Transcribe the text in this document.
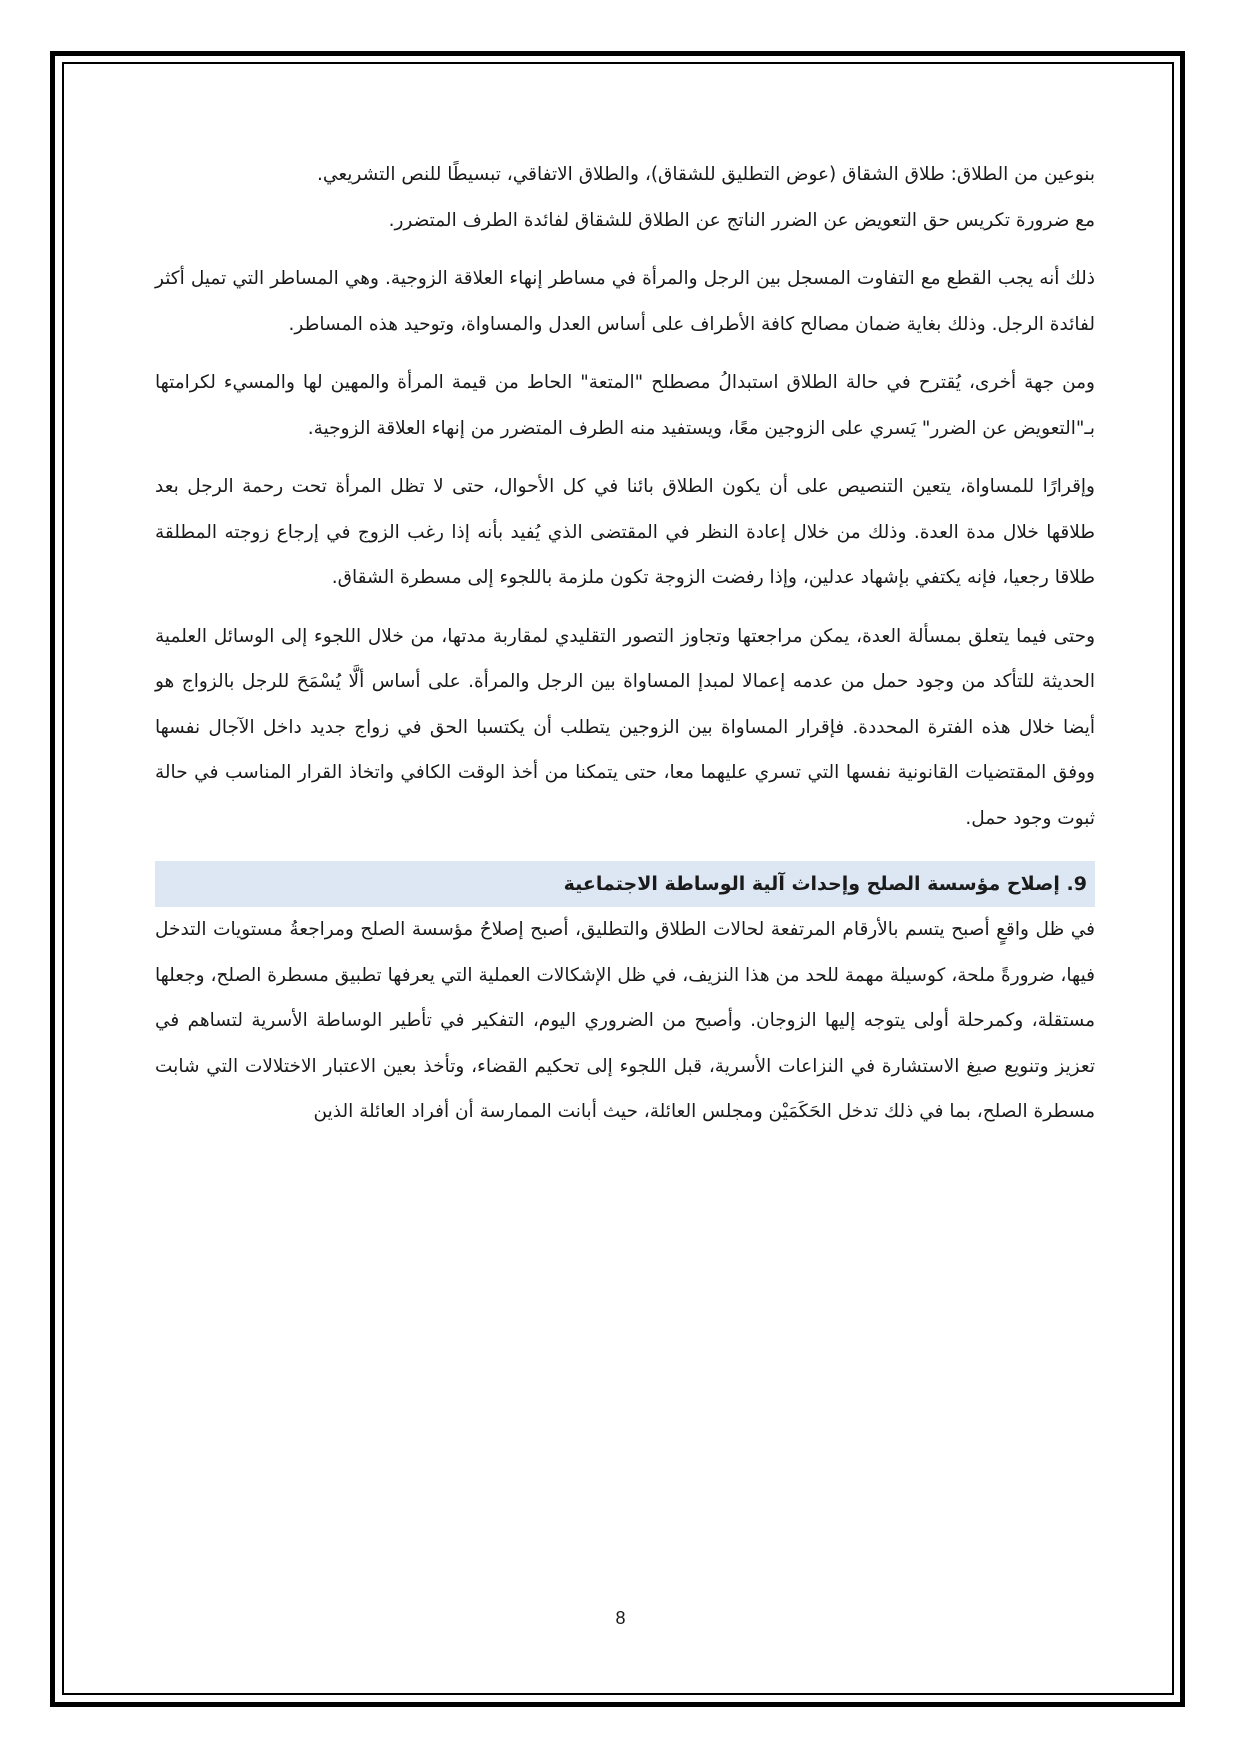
بنوعين من الطلاق: طلاق الشقاق (عوض التطليق للشقاق)، والطلاق الاتفاقي، تبسيطًا للنص التشريعي.

مع ضرورة تكريس حق التعويض عن الضرر الناتج عن الطلاق للشقاق لفائدة الطرف المتضرر.

ذلك أنه يجب القطع مع التفاوت المسجل بين الرجل والمرأة في مساطر إنهاء العلاقة الزوجية. وهي المساطر التي تميل أكثر لفائدة الرجل. وذلك بغاية ضمان مصالح كافة الأطراف على أساس العدل والمساواة، وتوحيد هذه المساطر.

ومن جهة أخرى، يُقترح في حالة الطلاق استبدالُ مصطلح "المتعة" الحاط من قيمة المرأة والمهين لها والمسيء لكرامتها بـ"التعويض عن الضرر" يَسري على الزوجين معًا، ويستفيد منه الطرف المتضرر من إنهاء العلاقة الزوجية.

وإقرارًا للمساواة، يتعين التنصيص على أن يكون الطلاق بائنا في كل الأحوال، حتى لا تظل المرأة تحت رحمة الرجل بعد طلاقها خلال مدة العدة. وذلك من خلال إعادة النظر في المقتضى الذي يُفيد بأنه إذا رغب الزوج في إرجاع زوجته المطلقة طلاقا رجعيا، فإنه يكتفي بإشهاد عدلين، وإذا رفضت الزوجة تكون ملزمة باللجوء إلى مسطرة الشقاق.

وحتى فيما يتعلق بمسألة العدة، يمكن مراجعتها وتجاوز التصور التقليدي لمقاربة مدتها، من خلال اللجوء إلى الوسائل العلمية الحديثة للتأكد من وجود حمل من عدمه إعمالا لمبدإ المساواة بين الرجل والمرأة. على أساس ألَّا يُسْمَحَ للرجل بالزواج هو أيضا خلال هذه الفترة المحددة. فإقرار المساواة بين الزوجين يتطلب أن يكتسبا الحق في زواج جديد داخل الآجال نفسها ووفق المقتضيات القانونية نفسها التي تسري عليهما معا، حتى يتمكنا من أخذ الوقت الكافي واتخاذ القرار المناسب في حالة ثبوت وجود حمل.

9. إصلاح مؤسسة الصلح وإحداث آلية الوساطة الاجتماعية

في ظل واقعٍ أصبح يتسم بالأرقام المرتفعة لحالات الطلاق والتطليق، أصبح إصلاحُ مؤسسة الصلح ومراجعةُ مستويات التدخل فيها، ضرورةً ملحة، كوسيلة مهمة للحد من هذا النزيف، في ظل الإشكالات العملية التي يعرفها تطبيق مسطرة الصلح، وجعلها مستقلة، وكمرحلة أولى يتوجه إليها الزوجان. وأصبح من الضروري اليوم، التفكير في تأطير الوساطة الأسرية لتساهم في تعزيز وتنويع صيغ الاستشارة في النزاعات الأسرية، قبل اللجوء إلى تحكيم القضاء، وتأخذ بعين الاعتبار الاختلالات التي شابت مسطرة الصلح، بما في ذلك تدخل الحَكَمَيْن ومجلس العائلة، حيث أبانت الممارسة أن أفراد العائلة الذين

8
